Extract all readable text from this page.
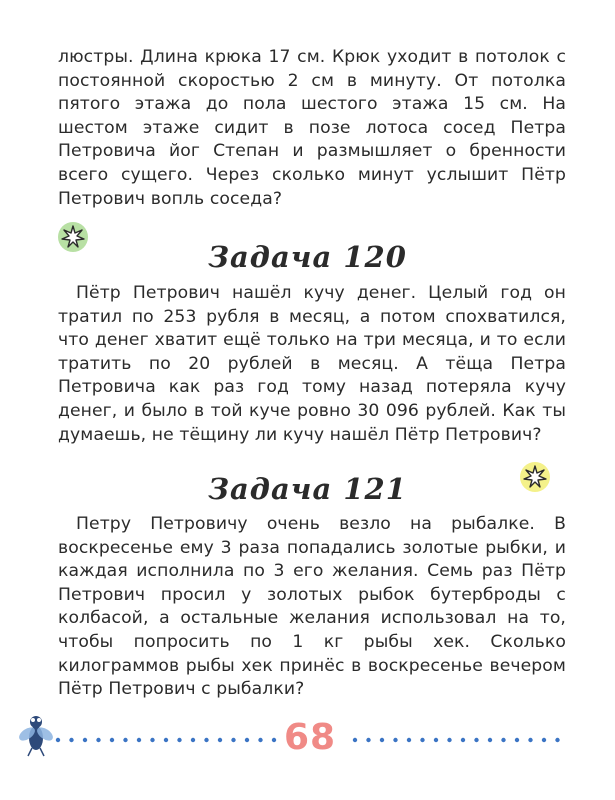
люстры. Длина крюка 17 см. Крюк уходит в потолок с постоянной скоростью 2 см в минуту. От потолка пятого этажа до пола шестого этажа 15 см. На шестом этаже сидит в позе лотоса сосед Петра Петровича йог Степан и размышляет о бренности всего сущего. Через сколько минут услышит Пётр Петрович вопль соседа?

Задача 120

Пётр Петрович нашёл кучу денег. Целый год он тратил по 253 рубля в месяц, а потом спохватился, что денег хватит ещё только на три месяца, и то если тратить по 20 рублей в месяц. А тёща Петра Петровича как раз год тому назад потеряла кучу денег, и было в той куче ровно 30 096 рублей. Как ты думаешь, не тёщину ли кучу нашёл Пётр Петрович?

Задача 121

Петру Петровичу очень везло на рыбалке. В воскресенье ему 3 раза попадались золотые рыбки, и каждая исполнила по 3 его желания. Семь раз Пётр Петрович просил у золотых рыбок бутерброды с колбасой, а остальные желания использовал на то, чтобы попросить по 1 кг рыбы хек. Сколько килограммов рыбы хек принёс в воскресенье вечером Пётр Петрович с рыбалки?

68
